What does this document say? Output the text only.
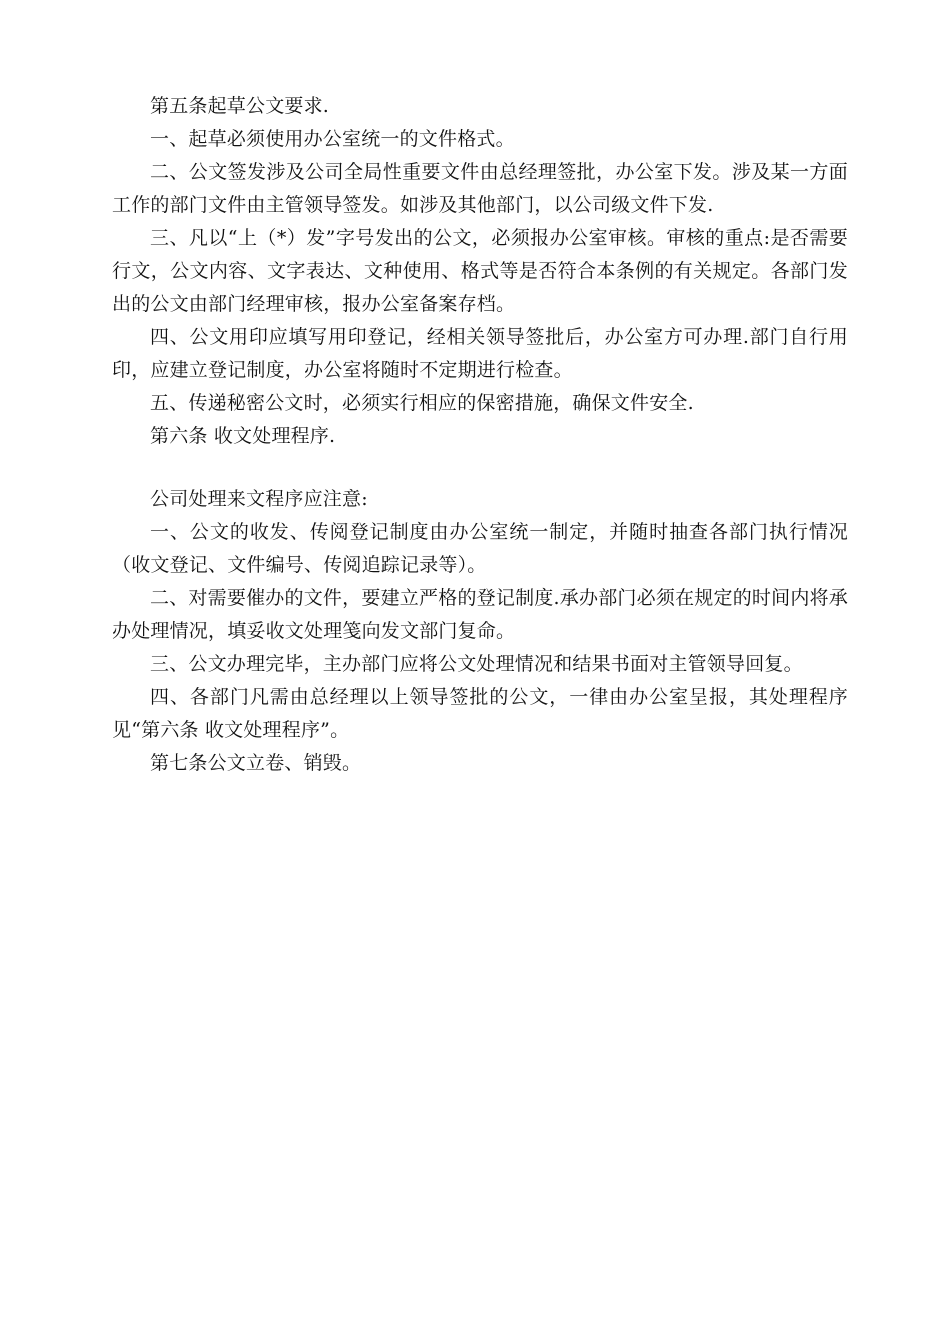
第五条起草公文要求.

一、起草必须使用办公室统一的文件格式。

二、公文签发涉及公司全局性重要文件由总经理签批，办公室下发。涉及某一方面工作的部门文件由主管领导签发。如涉及其他部门，以公司级文件下发.

三、凡以“上（*）发”字号发出的公文，必须报办公室审核。审核的重点:是否需要行文，公文内容、文字表达、文种使用、格式等是否符合本条例的有关规定。各部门发出的公文由部门经理审核，报办公室备案存档。

四、公文用印应填写用印登记，经相关领导签批后，办公室方可办理.部门自行用印，应建立登记制度，办公室将随时不定期进行检查。

五、传递秘密公文时，必须实行相应的保密措施，确保文件安全.

第六条 收文处理程序.

公司处理来文程序应注意:

一、公文的收发、传阅登记制度由办公室统一制定，并随时抽查各部门执行情况（收文登记、文件编号、传阅追踪记录等）。

二、对需要催办的文件，要建立严格的登记制度.承办部门必须在规定的时间内将承办处理情况，填妥收文处理笺向发文部门复命。

三、公文办理完毕，主办部门应将公文处理情况和结果书面对主管领导回复。

四、各部门凡需由总经理以上领导签批的公文，一律由办公室呈报，其处理程序见“第六条 收文处理程序”。

第七条公文立卷、销毁。
